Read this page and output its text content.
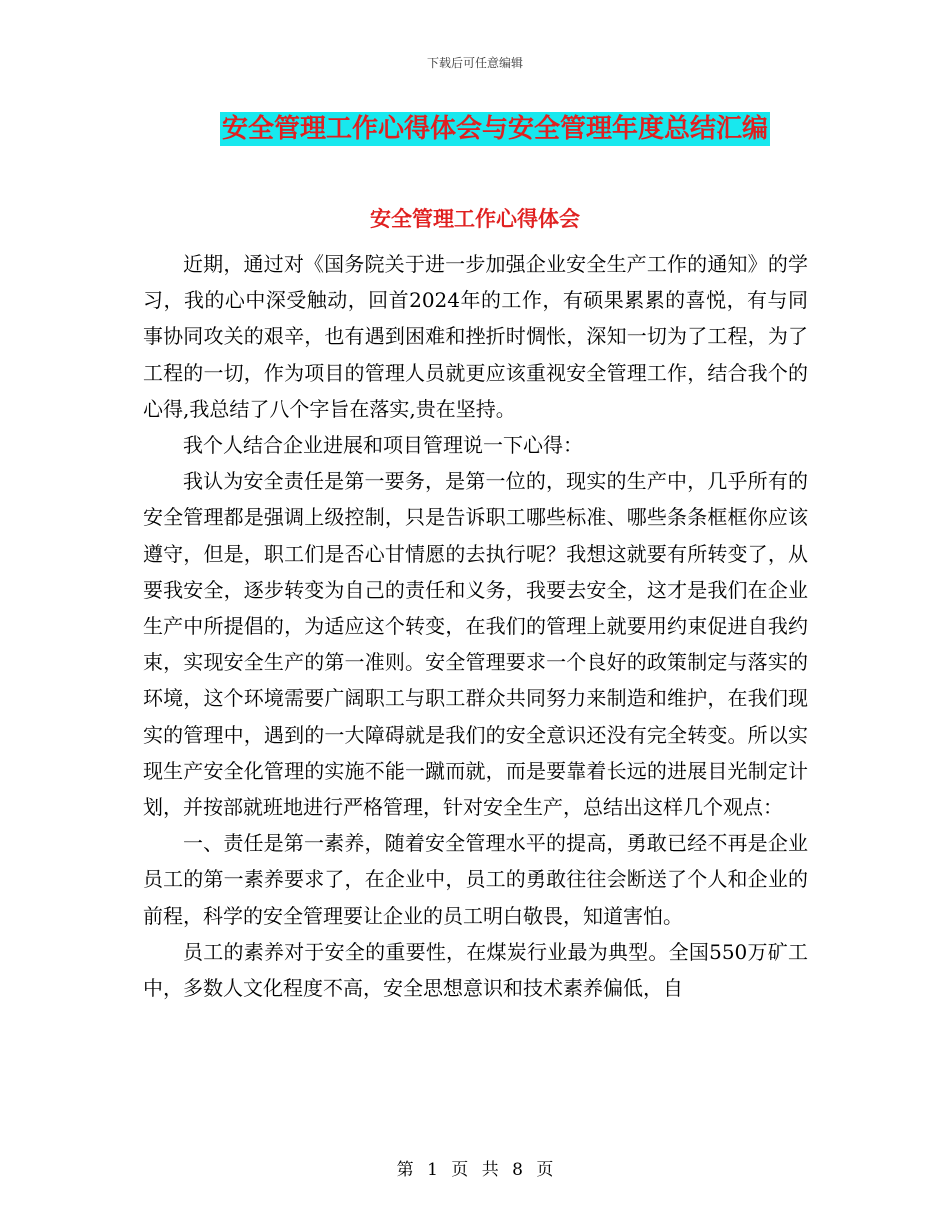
下载后可任意编辑
安全管理工作心得体会与安全管理年度总结汇编
安全管理工作心得体会

近期，通过对《国务院关于进一步加强企业安全生产工作的通知》的学习，我的心中深受触动，回首2024年的工作，有硕果累累的喜悦，有与同事协同攻关的艰辛，也有遇到困难和挫折时惆怅，深知一切为了工程，为了工程的一切，作为项目的管理人员就更应该重视安全管理工作，结合我个的心得,我总结了八个字旨在落实,贵在坚持。

我个人结合企业进展和项目管理说一下心得：

我认为安全责任是第一要务，是第一位的，现实的生产中，几乎所有的安全管理都是强调上级控制，只是告诉职工哪些标准、哪些条条框框你应该遵守，但是，职工们是否心甘情愿的去执行呢？我想这就要有所转变了，从要我安全，逐步转变为自己的责任和义务，我要去安全，这才是我们在企业生产中所提倡的，为适应这个转变，在我们的管理上就要用约束促进自我约束，实现安全生产的第一准则。安全管理要求一个良好的政策制定与落实的环境，这个环境需要广阔职工与职工群众共同努力来制造和维护，在我们现实的管理中，遇到的一大障碍就是我们的安全意识还没有完全转变。所以实现生产安全化管理的实施不能一蹴而就，而是要靠着长远的进展目光制定计划，并按部就班地进行严格管理，针对安全生产，总结出这样几个观点：

一、责任是第一素养，随着安全管理水平的提高，勇敢已经不再是企业员工的第一素养要求了，在企业中，员工的勇敢往往会断送了个人和企业的前程，科学的安全管理要让企业的员工明白敬畏，知道害怕。

员工的素养对于安全的重要性，在煤炭行业最为典型。全国550万矿工中，多数人文化程度不高，安全思想意识和技术素养偏低，自

第 1 页 共 8 页
